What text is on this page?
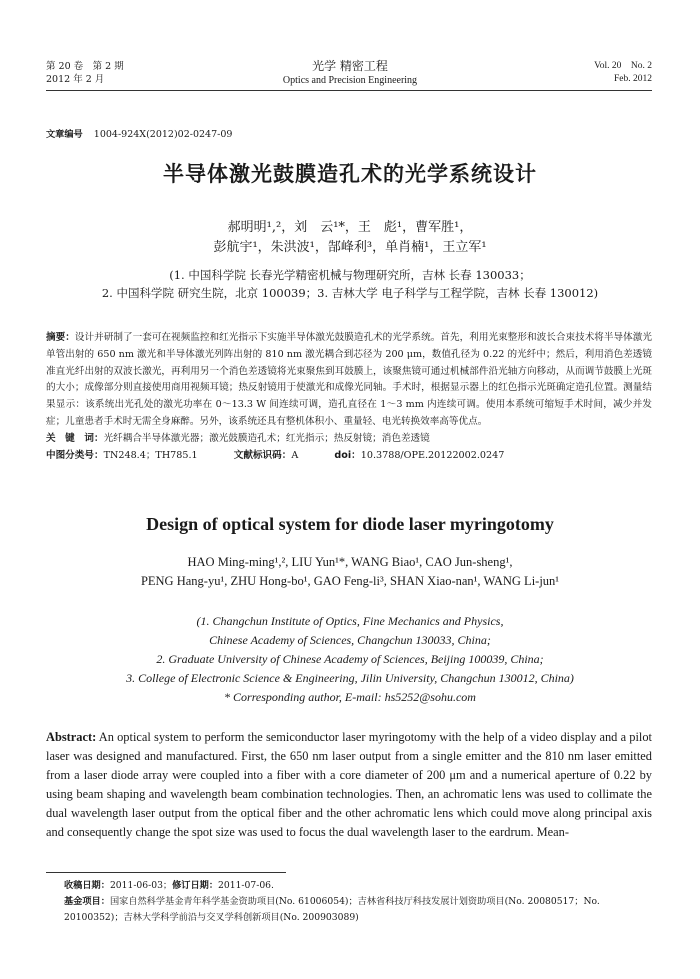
第 20 卷　第 2 期
2012 年 2 月
光学 精密工程
Optics and Precision Engineering
Vol. 20　No. 2
Feb. 2012
文章编号 1004-924X(2012)02-0247-09
半导体激光鼓膜造孔术的光学系统设计
郝明明¹,²，刘　云¹*，王　彪¹，曹军胜¹，
彭航宇¹，朱洪波¹，郜峰利³，单肖楠¹，王立军¹
(1. 中国科学院 长春光学精密机械与物理研究所，吉林 长春 130033；
2. 中国科学院 研究生院，北京 100039；3. 吉林大学 电子科学与工程学院，吉林 长春 130012)
摘要：设计并研制了一套可在视频监控和红光指示下实施半导体激光鼓膜造孔术的光学系统。首先，利用光束整形和波长合束技术将半导体激光单管出射的 650 nm 激光和半导体激光列阵出射的 810 nm 激光耦合到芯径为 200 μm，数值孔径为 0.22 的光纤中；然后，利用消色差透镜准直光纤出射的双波长激光，再利用另一个消色差透镜将光束聚焦到耳鼓膜上，该聚焦镜可通过机械部件沿光轴方向移动，从而调节鼓膜上光斑的大小；成像部分则直接使用商用视频耳镜；热反射镜用于使激光和成像光同轴。手术时，根据显示器上的红色指示光斑确定造孔位置。测量结果显示：该系统出光孔处的激光功率在 0～13.3 W 间连续可调，造孔直径在 1～3 mm 内连续可调。使用本系统可缩短手术时间，减少并发症；儿童患者手术时无需全身麻醉。另外，该系统还具有整机体积小、重量轻、电光转换效率高等优点。
关　键　词：光纤耦合半导体激光器；激光鼓膜造孔术；红光指示；热反射镜；消色差透镜
中图分类号：TN248.4；TH785.1	文献标识码：A	doi：10.3788/OPE.20122002.0247
Design of optical system for diode laser myringotomy
HAO Ming-ming¹,², LIU Yun¹*, WANG Biao¹, CAO Jun-sheng¹,
PENG Hang-yu¹, ZHU Hong-bo¹, GAO Feng-li³, SHAN Xiao-nan¹, WANG Li-jun¹
(1. Changchun Institute of Optics, Fine Mechanics and Physics,
Chinese Academy of Sciences, Changchun 130033, China;
2. Graduate University of Chinese Academy of Sciences, Beijing 100039, China;
3. College of Electronic Science & Engineering, Jilin University, Changchun 130012, China)
* Corresponding author, E-mail: hs5252@sohu.com
Abstract: An optical system to perform the semiconductor laser myringotomy with the help of a video display and a pilot laser was designed and manufactured. First, the 650 nm laser output from a single emitter and the 810 nm laser emitted from a laser diode array were coupled into a fiber with a core diameter of 200 μm and a numerical aperture of 0.22 by using beam shaping and wavelength beam combination technologies. Then, an achromatic lens was used to collimate the dual wavelength laser output from the optical fiber and the other achromatic lens which could move along principal axis and consequently change the spot size was used to focus the dual wavelength laser to the eardrum. Mean-
收稿日期：2011-06-03；修订日期：2011-07-06.
基金项目：国家自然科学基金青年科学基金资助项目(No. 61006054)；吉林省科技厅科技发展计划资助项目(No. 20080517；No. 20100352)；吉林大学科学前沿与交叉学科创新项目(No. 200903089)
